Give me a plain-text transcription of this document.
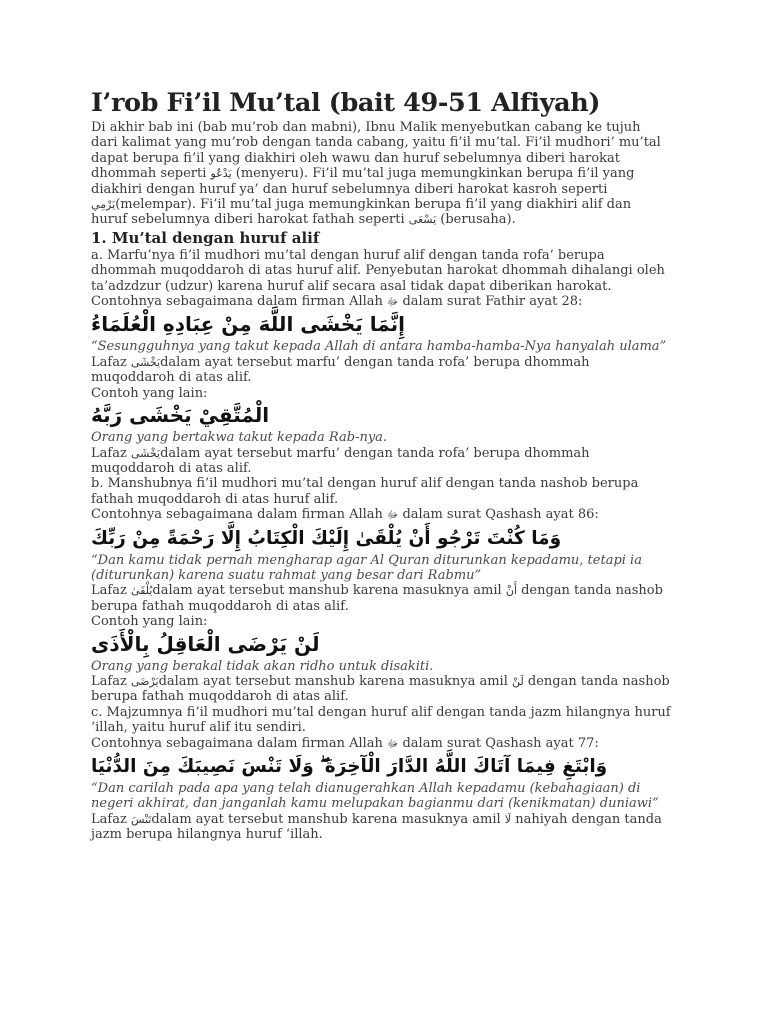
I’rob Fi’il Mu’tal (bait 49-51 Alfiyah)

Di akhir bab ini (bab mu’rob dan mabni), Ibnu Malik menyebutkan cabang ke tujuh dari kalimat yang mu’rob dengan tanda cabang, yaitu fi’il mu’tal. Fi’il mudhori’ mu’tal dapat berupa fi’il yang diakhiri oleh wawu dan huruf sebelumnya diberi harokat dhommah seperti يَدْعُو (menyeru). Fi’il mu’tal juga memungkinkan berupa fi’il yang diakhiri dengan huruf ya’ dan huruf sebelumnya diberi harokat kasroh seperti يَرْمِي(melempar). Fi’il mu’tal juga memungkinkan berupa fi’il yang diakhiri alif dan huruf sebelumnya diberi harokat fathah seperti يَسْعَى (berusaha).

1. Mu’tal dengan huruf alif

a. Marfu’nya fi’il mudhori mu’tal dengan huruf alif dengan tanda rofa’ berupa dhommah muqoddaroh di atas huruf alif. Penyebutan harokat dhommah dihalangi oleh ta’adzdzur (udzur) karena huruf alif secara asal tidak dapat diberikan harokat.

Contohnya sebagaimana dalam firman Allah ﷻ dalam surat Fathir ayat 28:

إِنَّمَا يَخْشَى اللَّهَ مِنْ عِبَادِهِ الْعُلَمَاءُ

“Sesungguhnya yang takut kepada Allah di antara hamba-hamba-Nya hanyalah ulama”

Lafaz يَخْشَىdalam ayat tersebut marfu’ dengan tanda rofa’ berupa dhommah muqoddaroh di atas alif.

Contoh yang lain:

الْمُتَّقِيْ يَخْشَى رَبَّهُ

Orang yang bertakwa takut kepada Rab-nya.

Lafaz يَخْشَىdalam ayat tersebut marfu’ dengan tanda rofa’ berupa dhommah muqoddaroh di atas alif.

b. Manshubnya fi’il mudhori mu’tal dengan huruf alif dengan tanda nashob berupa fathah muqoddaroh di atas huruf alif.

Contohnya sebagaimana dalam firman Allah ﷻ dalam surat Qashash ayat 86:

وَمَا كُنْتَ تَرْجُو أَنْ يُلْقَىٰ إِلَيْكَ الْكِتَابُ إِلَّا رَحْمَةً مِنْ رَبِّكَ

“Dan kamu tidak pernah mengharap agar Al Quran diturunkan kepadamu, tetapi ia (diturunkan) karena suatu rahmat yang besar dari Rabmu”

Lafaz يُلْقَىٰdalam ayat tersebut manshub karena masuknya amil أَنْ dengan tanda nashob berupa fathah muqoddaroh di atas alif.

Contoh yang lain:

لَنْ يَرْضَى الْعَاقِلُ بِالْأَذَى

Orang yang berakal tidak akan ridho untuk disakiti.

Lafaz يَرْضَىdalam ayat tersebut manshub karena masuknya amil لَنْ dengan tanda nashob berupa fathah muqoddaroh di atas alif.

c. Majzumnya fi’il mudhori mu’tal dengan huruf alif dengan tanda jazm hilangnya huruf ‘illah, yaitu huruf alif itu sendiri.

Contohnya sebagaimana dalam firman Allah ﷻ dalam surat Qashash ayat 77:

وَابْتَغِ فِيمَا آتَاكَ اللَّهُ الدَّارَ الْآخِرَةَ ۖ وَلَا تَنْسَ نَصِيبَكَ مِنَ الدُّنْيَا

“Dan carilah pada apa yang telah dianugerahkan Allah kepadamu (kebahagiaan) di negeri akhirat, dan janganlah kamu melupakan bagianmu dari (kenikmatan) duniawi”

Lafaz تَنْسَdalam ayat tersebut manshub karena masuknya amil لَا nahiyah dengan tanda jazm berupa hilangnya huruf ‘illah.
